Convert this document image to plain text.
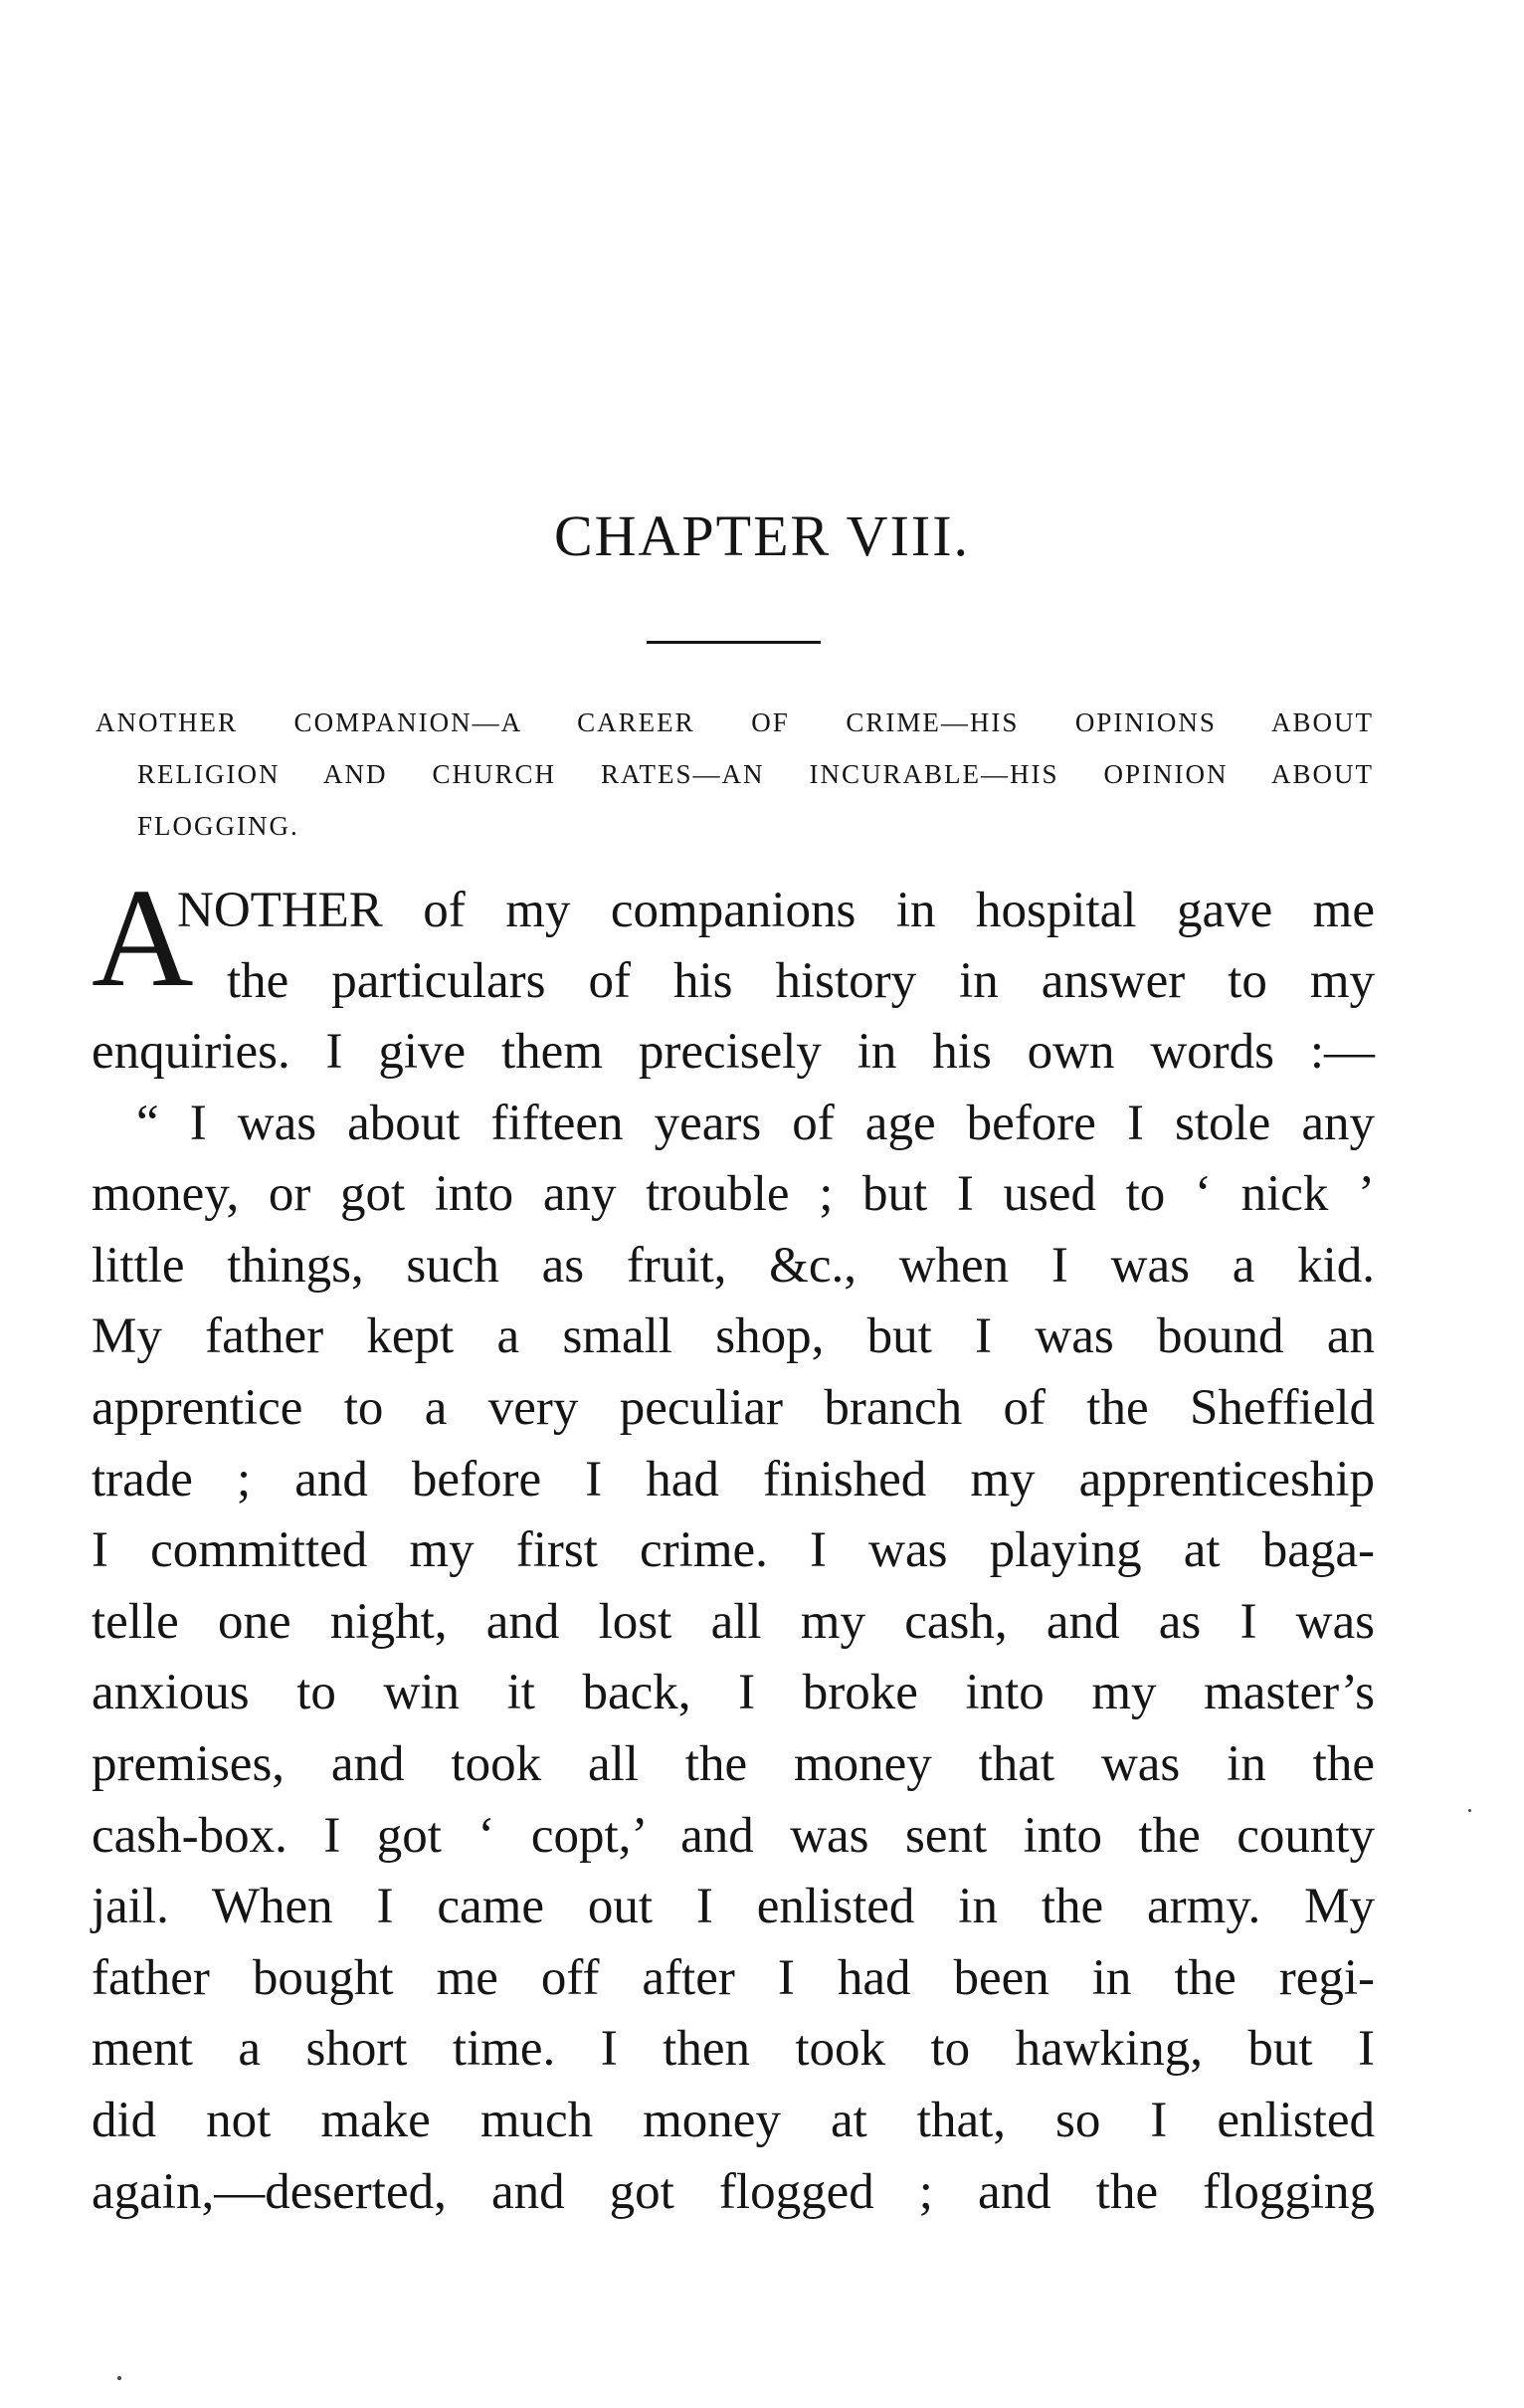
CHAPTER VIII.
ANOTHER COMPANION—A CAREER OF CRIME—HIS OPINIONS ABOUT
RELIGION AND CHURCH RATES—AN INCURABLE—HIS OPINION ABOUT
FLOGGING.
A
NOTHER of my companions in hospital gave me
the particulars of his history in answer to my
enquiries. I give them precisely in his own words :—
“ I was about fifteen years of age before I stole any
money, or got into any trouble ; but I used to ‘ nick ’
little things, such as fruit, &c., when I was a kid.
My father kept a small shop, but I was bound an
apprentice to a very peculiar branch of the Sheffield
trade ; and before I had finished my apprenticeship
I committed my first crime. I was playing at baga-
telle one night, and lost all my cash, and as I was
anxious to win it back, I broke into my master’s
premises, and took all the money that was in the
cash-box. I got ‘ copt,’ and was sent into the county
jail. When I came out I enlisted in the army. My
father bought me off after I had been in the regi-
ment a short time. I then took to hawking, but I
did not make much money at that, so I enlisted
again,—deserted, and got flogged ; and the flogging
